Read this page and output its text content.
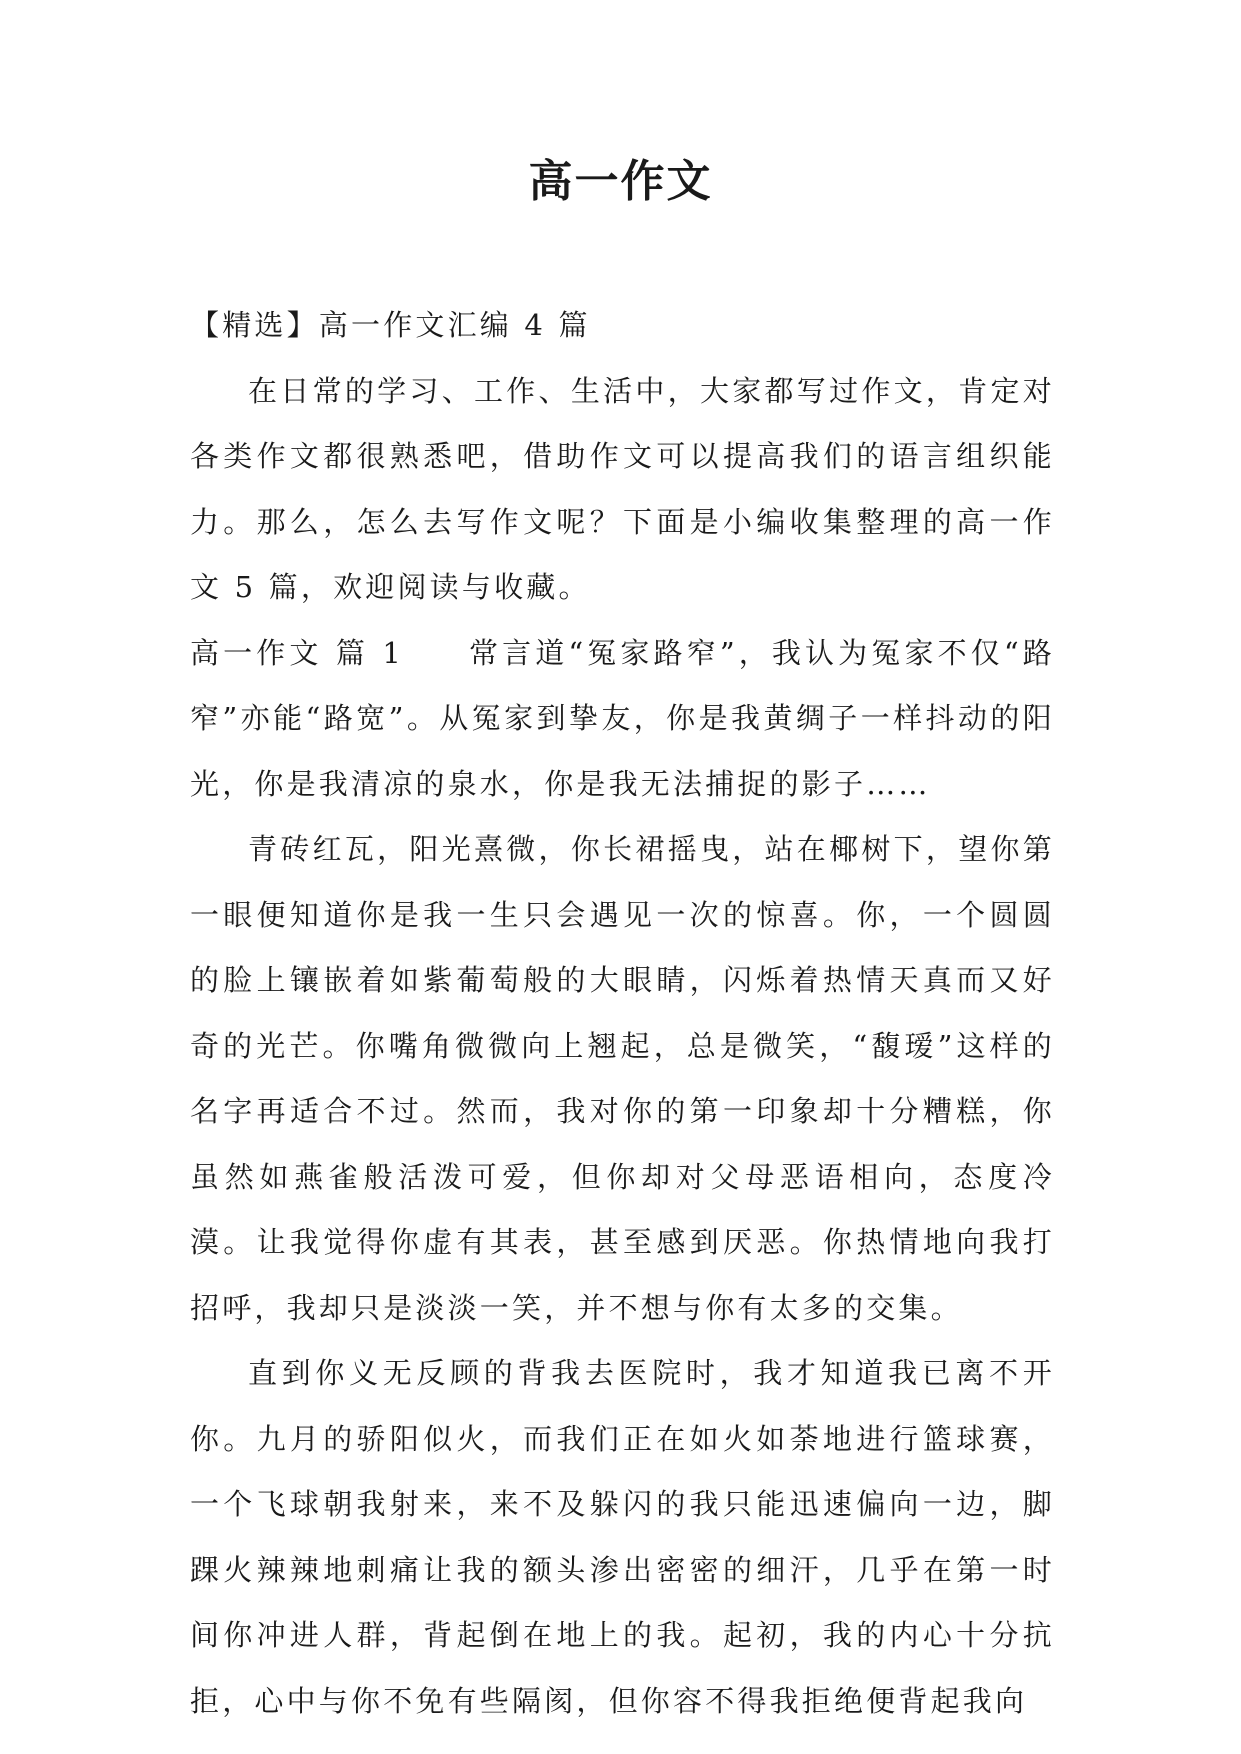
高一作文

【精选】高一作文汇编 4 篇

在日常的学习、工作、生活中，大家都写过作文，肯定对各类作文都很熟悉吧，借助作文可以提高我们的语言组织能力。那么，怎么去写作文呢？下面是小编收集整理的高一作文 5 篇，欢迎阅读与收藏。

高一作文 篇 1 常言道“冤家路窄”，我认为冤家不仅“路窄”亦能“路宽”。从冤家到挚友，你是我黄绸子一样抖动的阳光，你是我清凉的泉水，你是我无法捕捉的影子……

青砖红瓦，阳光熹微，你长裙摇曳，站在椰树下，望你第一眼便知道你是我一生只会遇见一次的惊喜。你，一个圆圆的脸上镶嵌着如紫葡萄般的大眼睛，闪烁着热情天真而又好奇的光芒。你嘴角微微向上翘起，总是微笑，“馥瑷”这样的名字再适合不过。然而，我对你的第一印象却十分糟糕，你虽然如燕雀般活泼可爱，但你却对父母恶语相向，态度冷漠。让我觉得你虚有其表，甚至感到厌恶。你热情地向我打招呼，我却只是淡淡一笑，并不想与你有太多的交集。

直到你义无反顾的背我去医院时，我才知道我已离不开你。九月的骄阳似火，而我们正在如火如荼地进行篮球赛，一个飞球朝我射来，来不及躲闪的我只能迅速偏向一边，脚踝火辣辣地刺痛让我的额头渗出密密的细汗，几乎在第一时间你冲进人群，背起倒在地上的我。起初，我的内心十分抗拒，心中与你不免有些隔阂，但你容不得我拒绝便背起我向
